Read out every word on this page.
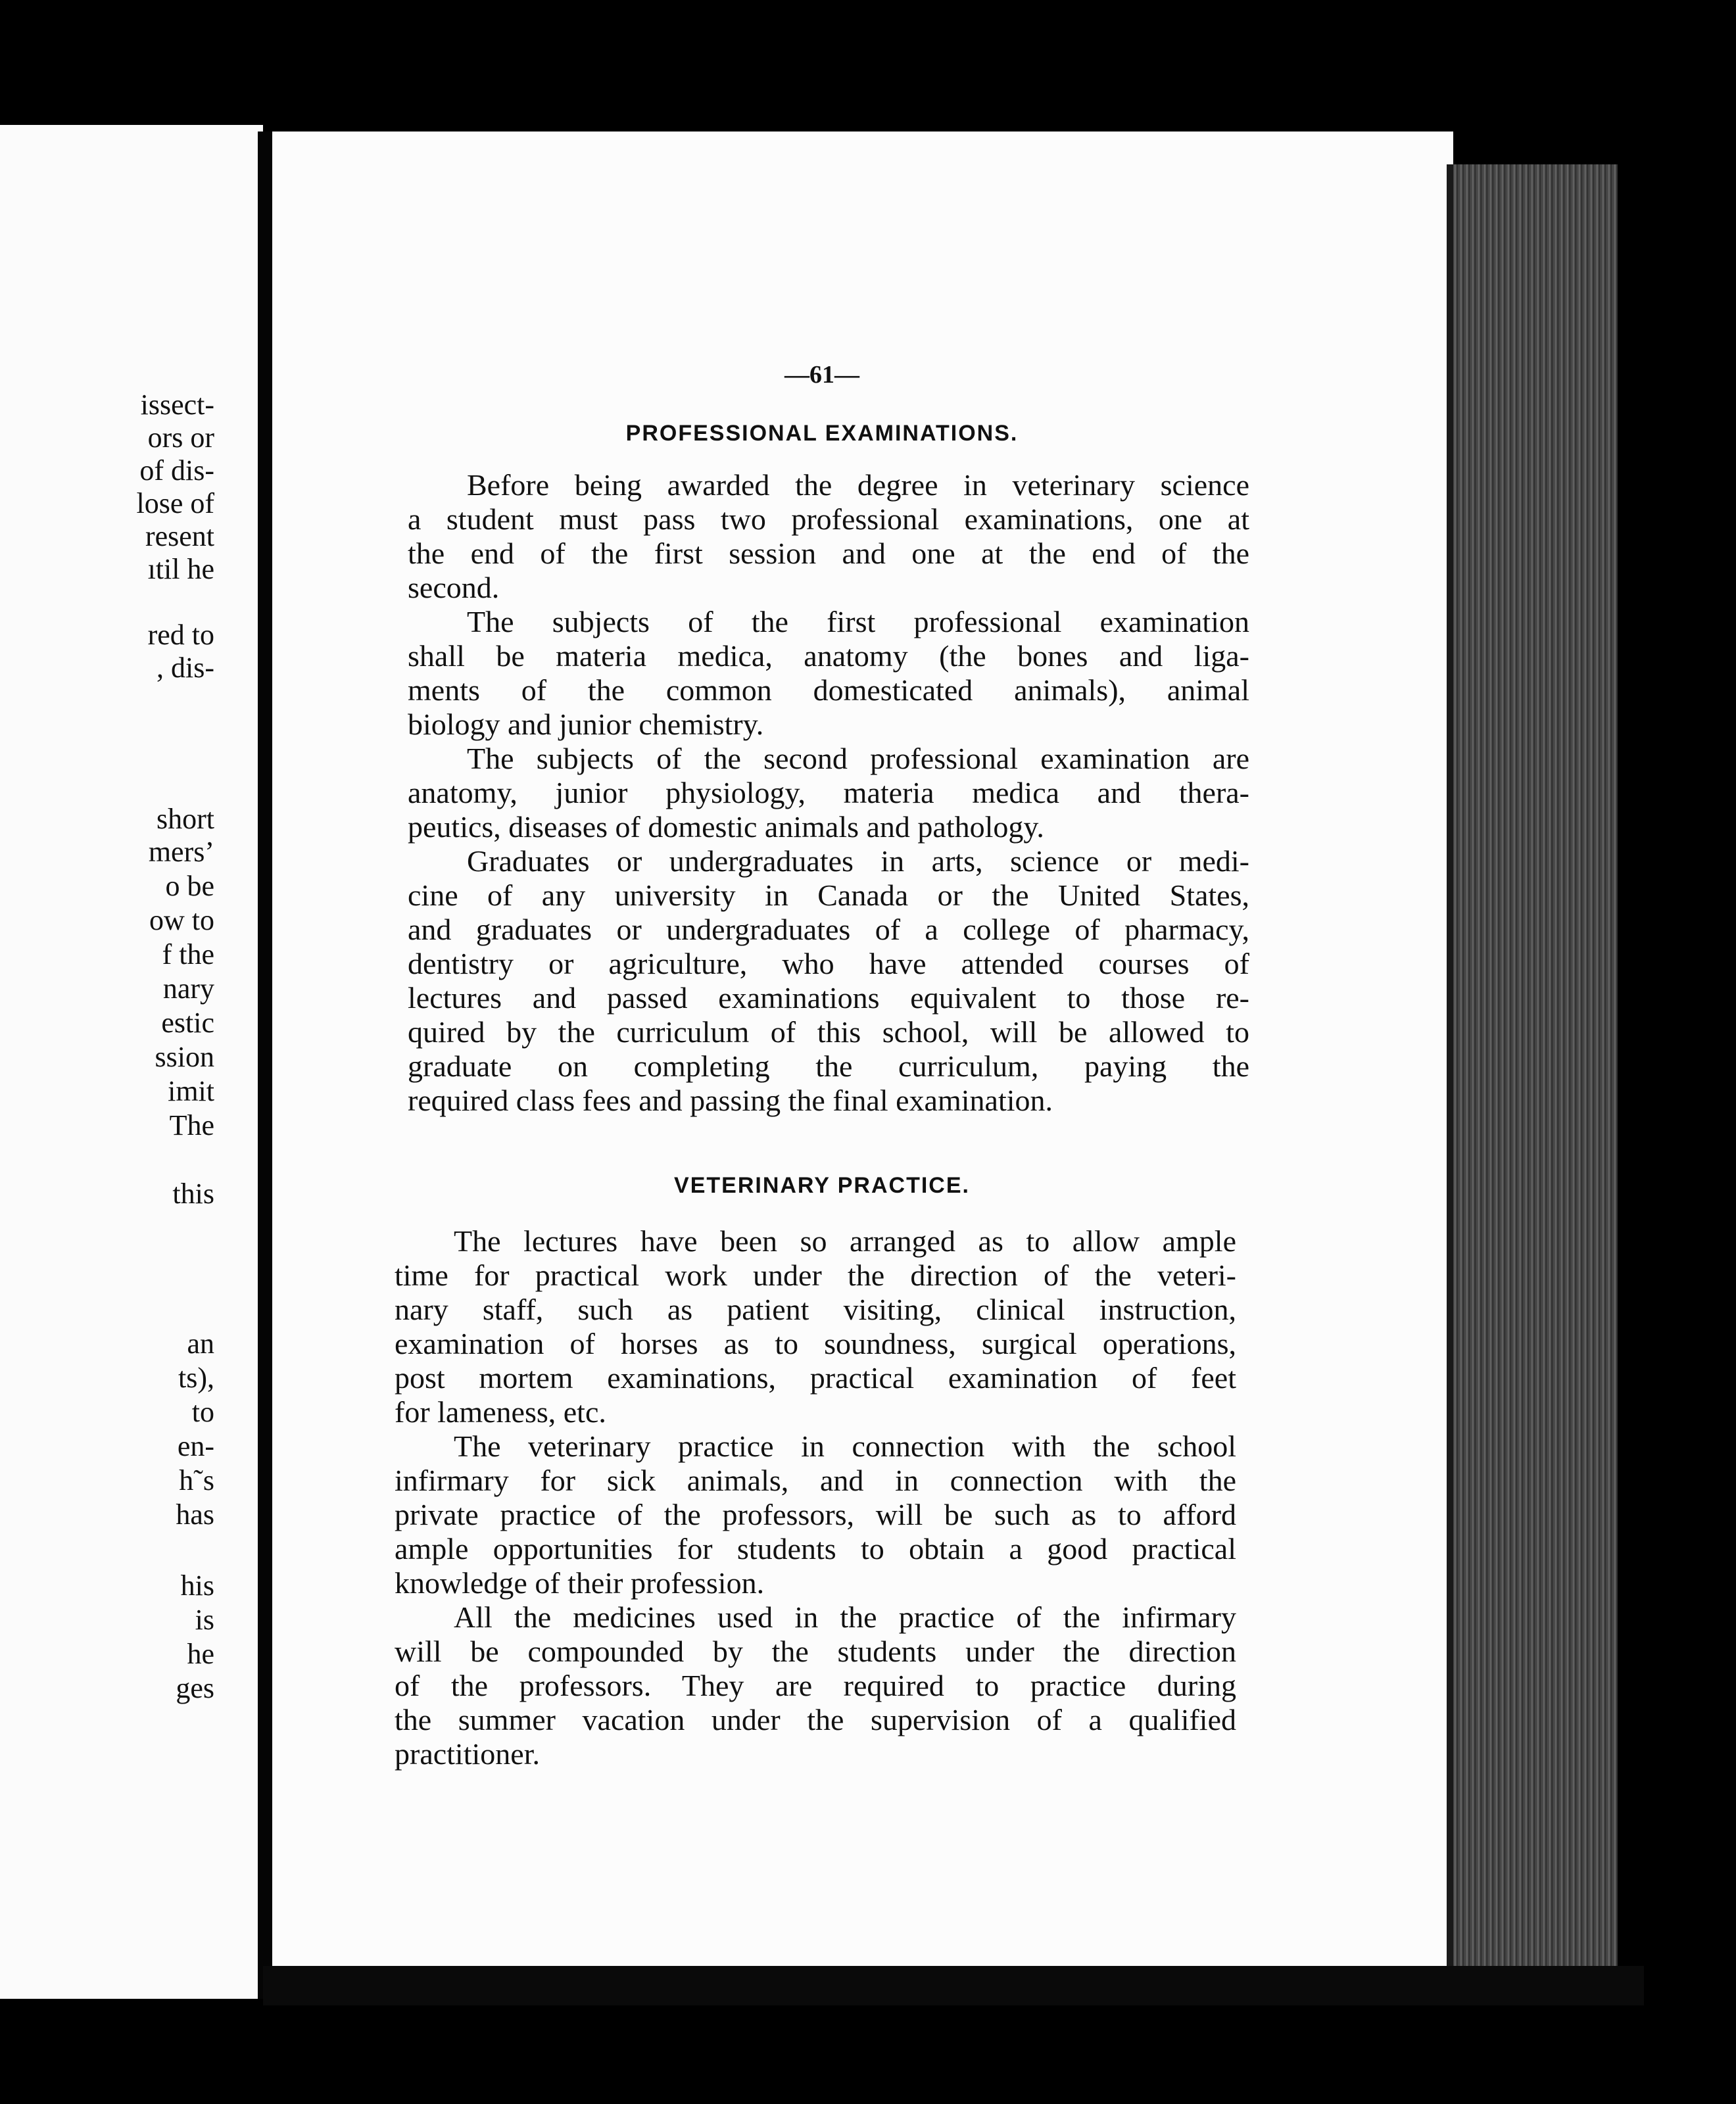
issect-
ors or
of dis-
lose of
resent
ıtil he
red to
, dis-
short
mers’
o be
ow to
f the
nary
estic
ssion
imit
The
this
an
ts),
to
en-
h˜s
has
his
is
he
ges
—61—
PROFESSIONAL EXAMINATIONS.

Before being awarded the degree in veterinary science
a student must pass two professional examinations, one at
the end of the first session and one at the end of the
second.

The subjects of the first professional examination
shall be materia medica, anatomy (the bones and liga-
ments of the common domesticated animals), animal
biology and junior chemistry.

The subjects of the second professional examination are
anatomy, junior physiology, materia medica and thera-
peutics, diseases of domestic animals and pathology.

Graduates or undergraduates in arts, science or medi-
cine of any university in Canada or the United States,
and graduates or undergraduates of a college of pharmacy,
dentistry or agriculture, who have attended courses of
lectures and passed examinations equivalent to those re-
quired by the curriculum of this school, will be allowed to
graduate on completing the curriculum, paying the
required class fees and passing the final examination.

VETERINARY PRACTICE.

The lectures have been so arranged as to allow ample
time for practical work under the direction of the veteri-
nary staff, such as patient visiting, clinical instruction,
examination of horses as to soundness, surgical operations,
post mortem examinations, practical examination of feet
for lameness, etc.

The veterinary practice in connection with the school
infirmary for sick animals, and in connection with the
private practice of the professors, will be such as to afford
ample opportunities for students to obtain a good practical
knowledge of their profession.

All the medicines used in the practice of the infirmary
will be compounded by the students under the direction
of the professors. They are required to practice during
the summer vacation under the supervision of a qualified
practitioner.
